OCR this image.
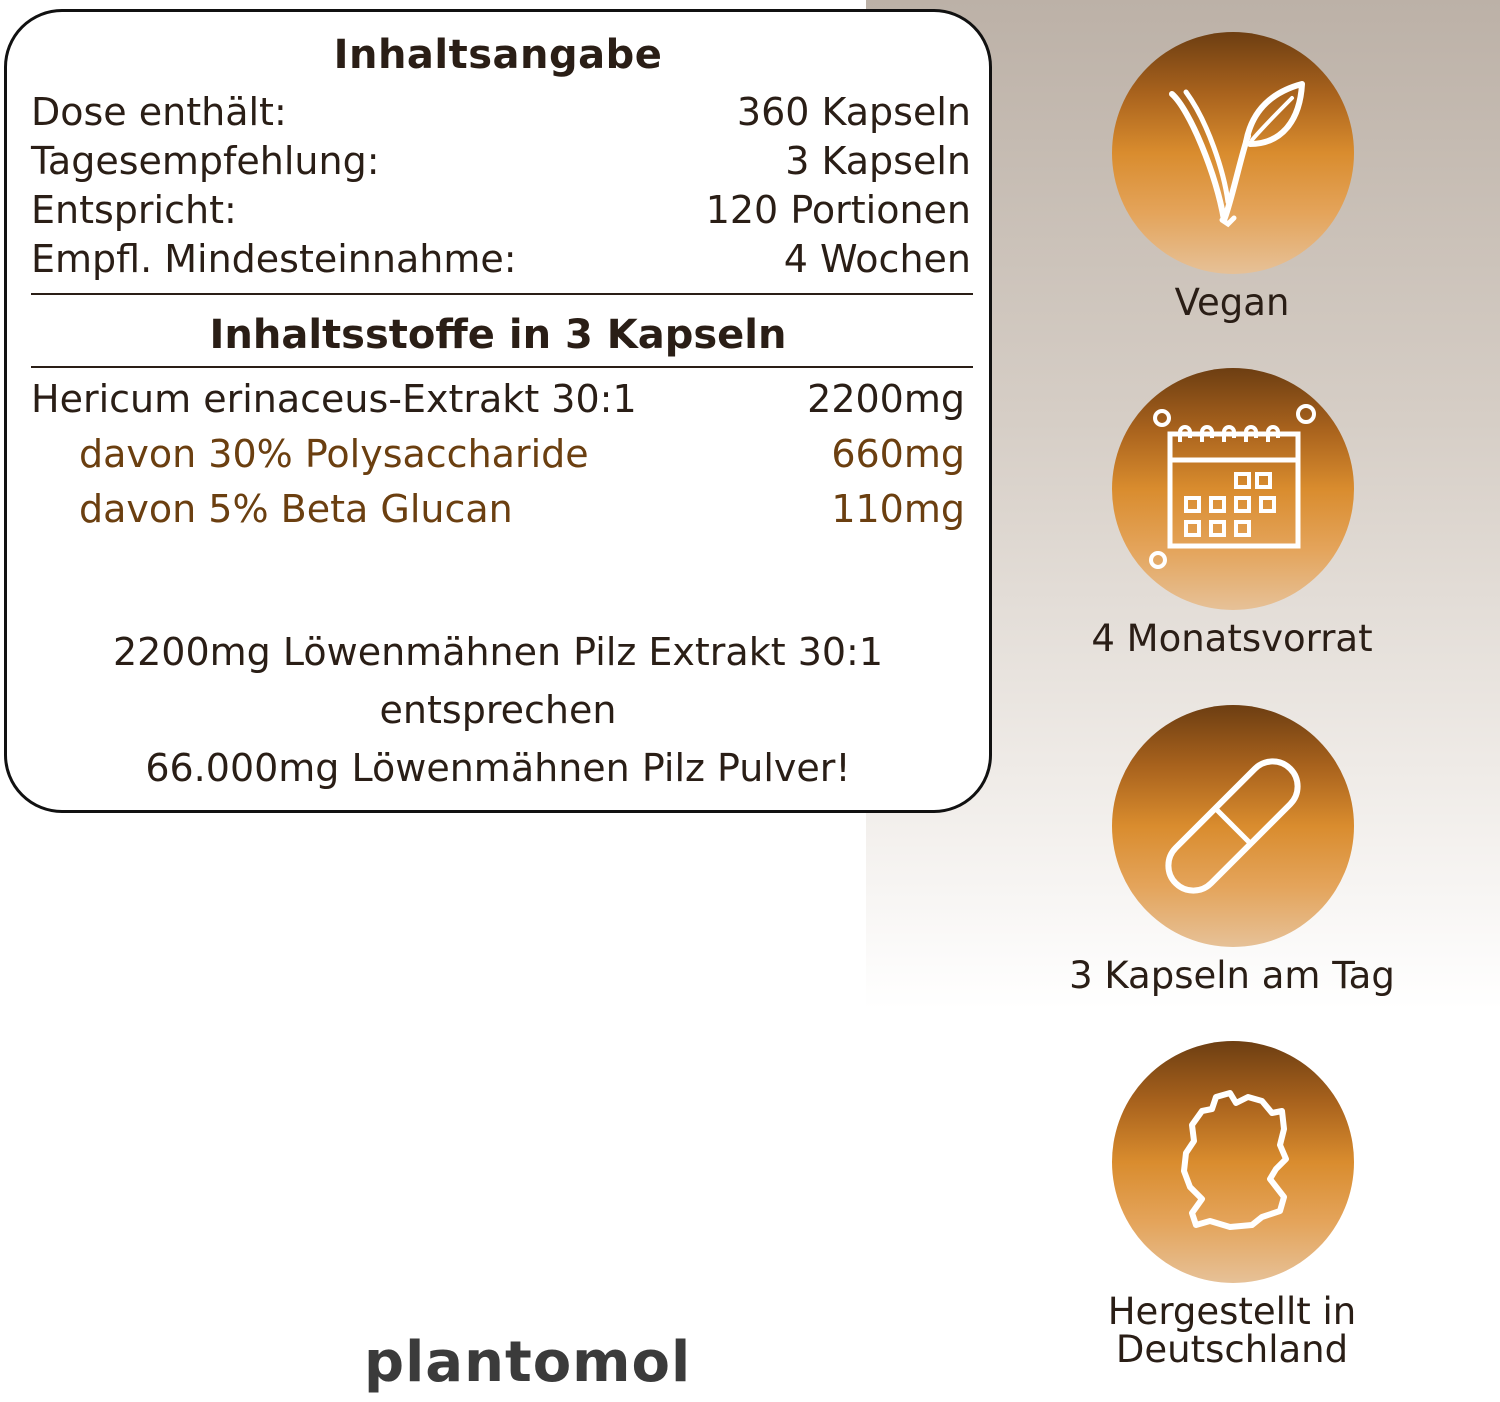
Inhaltsangabe
Dose enthält:	360 Kapseln
Tagesempfehlung:	3 Kapseln
Entspricht:	120 Portionen
Empfl. Mindesteinnahme:	4 Wochen
Inhaltsstoffe in 3 Kapseln
Hericum erinaceus-Extrakt 30:1	2200mg
davon 30% Polysaccharide	660mg
davon 5% Beta Glucan	110mg
2200mg Löwenmähnen Pilz Extrakt 30:1
entsprechen
66.000mg Löwenmähnen Pilz Pulver!
Vegan
4 Monatsvorrat
3 Kapseln am Tag
Hergestellt in
Deutschland
plantomol
